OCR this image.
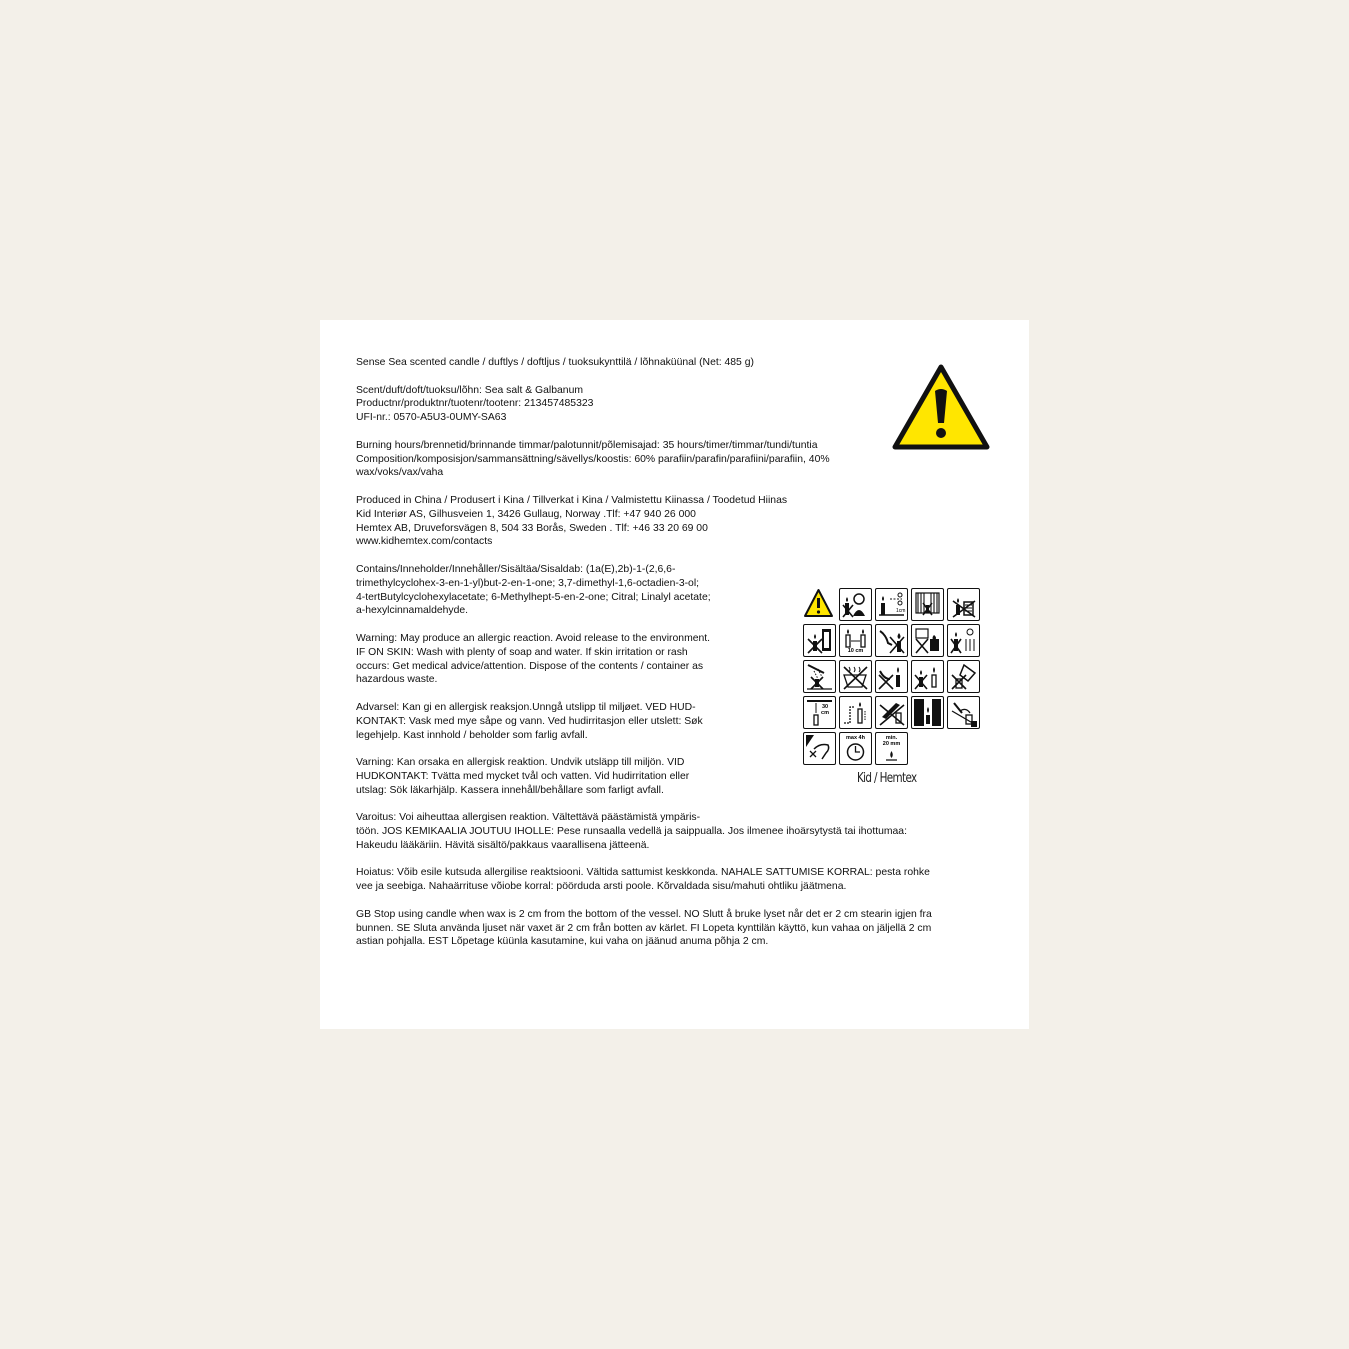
Sense Sea scented candle / duftlys / doftljus / tuoksukynttilä / lõhnaküünal (Net: 485 g)
Scent/duft/doft/tuoksu/lõhn: Sea salt & Galbanum
Productnr/produktnr/tuotenr/tootenr: 213457485323
UFI-nr.: 0570-A5U3-0UMY-SA63
Burning hours/brennetid/brinnande timmar/palotunnit/põlemisajad: 35 hours/timer/timmar/tundi/tuntia
Composition/komposisjon/sammansättning/sävellys/koostis: 60% parafiin/parafin/parafiini/parafiin, 40%
wax/voks/vax/vaha
Produced in China / Produsert i Kina / Tillverkat i Kina / Valmistettu Kiinassa / Toodetud Hiinas
Kid Interiør AS, Gilhusveien 1, 3426 Gullaug, Norway .Tlf: +47 940 26 000
Hemtex AB, Druveforsvägen 8, 504 33 Borås, Sweden . Tlf: +46 33 20 69 00
www.kidhemtex.com/contacts
Contains/Inneholder/Innehåller/Sisältäa/Sisaldab: (1a(E),2b)-1-(2,6,6-
trimethylcyclohex-3-en-1-yl)but-2-en-1-one; 3,7-dimethyl-1,6-octadien-3-ol;
4-tertButylcyclohexylacetate; 6-Methylhept-5-en-2-one; Citral; Linalyl acetate;
a-hexylcinnamaldehyde.
Warning: May produce an allergic reaction. Avoid release to the environment.
IF ON SKIN: Wash with plenty of soap and water. If skin irritation or rash
occurs: Get medical advice/attention. Dispose of the contents / container as
hazardous waste.
Advarsel: Kan gi en allergisk reaksjon.Unngå utslipp til miljøet. VED HUD-
KONTAKT: Vask med mye såpe og vann. Ved hudirritasjon eller utslett: Søk
legehjelp. Kast innhold / beholder som farlig avfall.
Varning: Kan orsaka en allergisk reaktion. Undvik utsläpp till miljön. VID
HUDKONTAKT: Tvätta med mycket tvål och vatten. Vid hudirritation eller
utslag: Sök läkarhjälp. Kassera innehåll/behållare som farligt avfall.
Varoitus: Voi aiheuttaa allergisen reaktion. Vältettävä päästämistä ympäris-
töön. JOS KEMIKAALIA JOUTUU IHOLLE: Pese runsaalla vedellä ja saippualla. Jos ilmenee ihoärsytystä tai ihottumaa:
Hakeudu lääkäriin. Hävitä sisältö/pakkaus vaarallisena jätteenä.
Hoiatus: Võib esile kutsuda allergilise reaktsiooni. Vältida sattumist keskkonda. NAHALE SATTUMISE KORRAL: pesta rohke
vee ja seebiga. Nahaärrituse võiobe korral: pöörduda arsti poole. Kõrvaldada sisu/mahuti ohtliku jäätmena.
GB Stop using candle when wax is 2 cm from the bottom of the vessel. NO Slutt å bruke lyset når det er 2 cm stearin igjen fra
bunnen. SE Sluta använda ljuset när vaxet är 2 cm från botten av kärlet. FI Lopeta kynttilän käyttö, kun vahaa on jäljellä 2 cm
astian pohjalla. EST Lõpetage küünla kasutamine, kui vaha on jäänud anuma põhja 2 cm.
1cm
10 cm
30 cm
max 4h	min.
20 mm
Kid / Hemtex
